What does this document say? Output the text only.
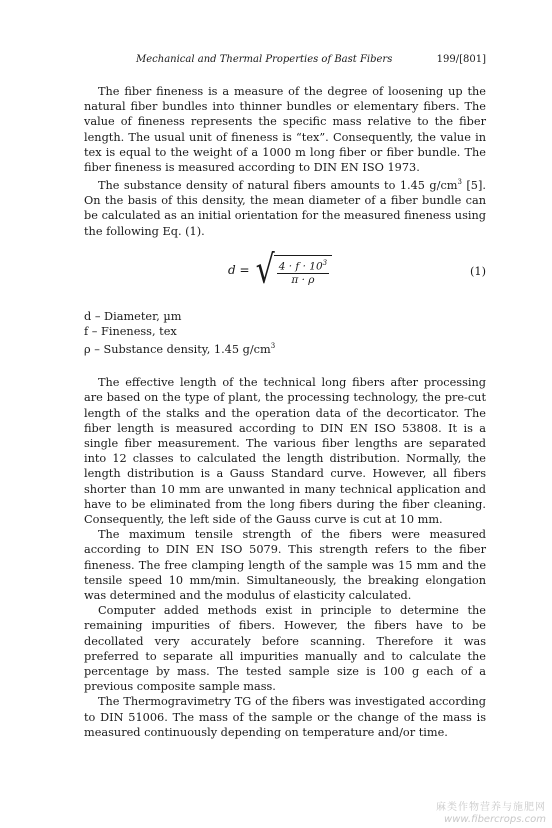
Mechanical and Thermal Properties of Bast Fibers	199/[801]

The fiber fineness is a measure of the degree of loosening up the natural fiber bundles into thinner bundles or elementary fibers. The value of fineness represents the specific mass relative to the fiber length. The usual unit of fineness is “tex”. Consequently, the value in tex is equal to the weight of a 1000 m long fiber or fiber bundle. The fiber fineness is measured according to DIN EN ISO 1973.

The substance density of natural fibers amounts to 1.45 $g/cm^3$ [5]. On the basis of this density, the mean diameter of a fiber bundle can be calculated as an initial orientation for the measured fineness using the following Eq. (1).

d = √ $\frac{4 \cdot f \cdot 10^3}{\pi \cdot \rho}$	(1)
d – Diameter, µm
f – Fineness, tex
ρ – Substance density, 1.45 $g/cm^3$

The effective length of the technical long fibers after processing are based on the type of plant, the processing technology, the pre-cut length of the stalks and the operation data of the decorticator. The fiber length is measured according to DIN EN ISO 53808. It is a single fiber measurement. The various fiber lengths are separated into 12 classes to calculated the length distribution. Normally, the length distribution is a Gauss Standard curve. However, all fibers shorter than 10 mm are unwanted in many technical application and have to be eliminated from the long fibers during the fiber cleaning. Consequently, the left side of the Gauss curve is cut at 10 mm.

The maximum tensile strength of the fibers were measured according to DIN EN ISO 5079. This strength refers to the fiber fineness. The free clamping length of the sample was 15 mm and the tensile speed 10 mm/min. Simultaneously, the breaking elongation was determined and the modulus of elasticity calculated.

Computer added methods exist in principle to determine the remaining impurities of fibers. However, the fibers have to be decollated very accurately before scanning. Therefore it was preferred to separate all impurities manually and to calculate the percentage by mass. The tested sample size is 100 g each of a previous composite sample mass.

The Thermogravimetry TG of the fibers was investigated according to DIN 51006. The mass of the sample or the change of the mass is measured continuously depending on temperature and/or time.

麻类作物营养与施肥网
www.fibercrops.com
